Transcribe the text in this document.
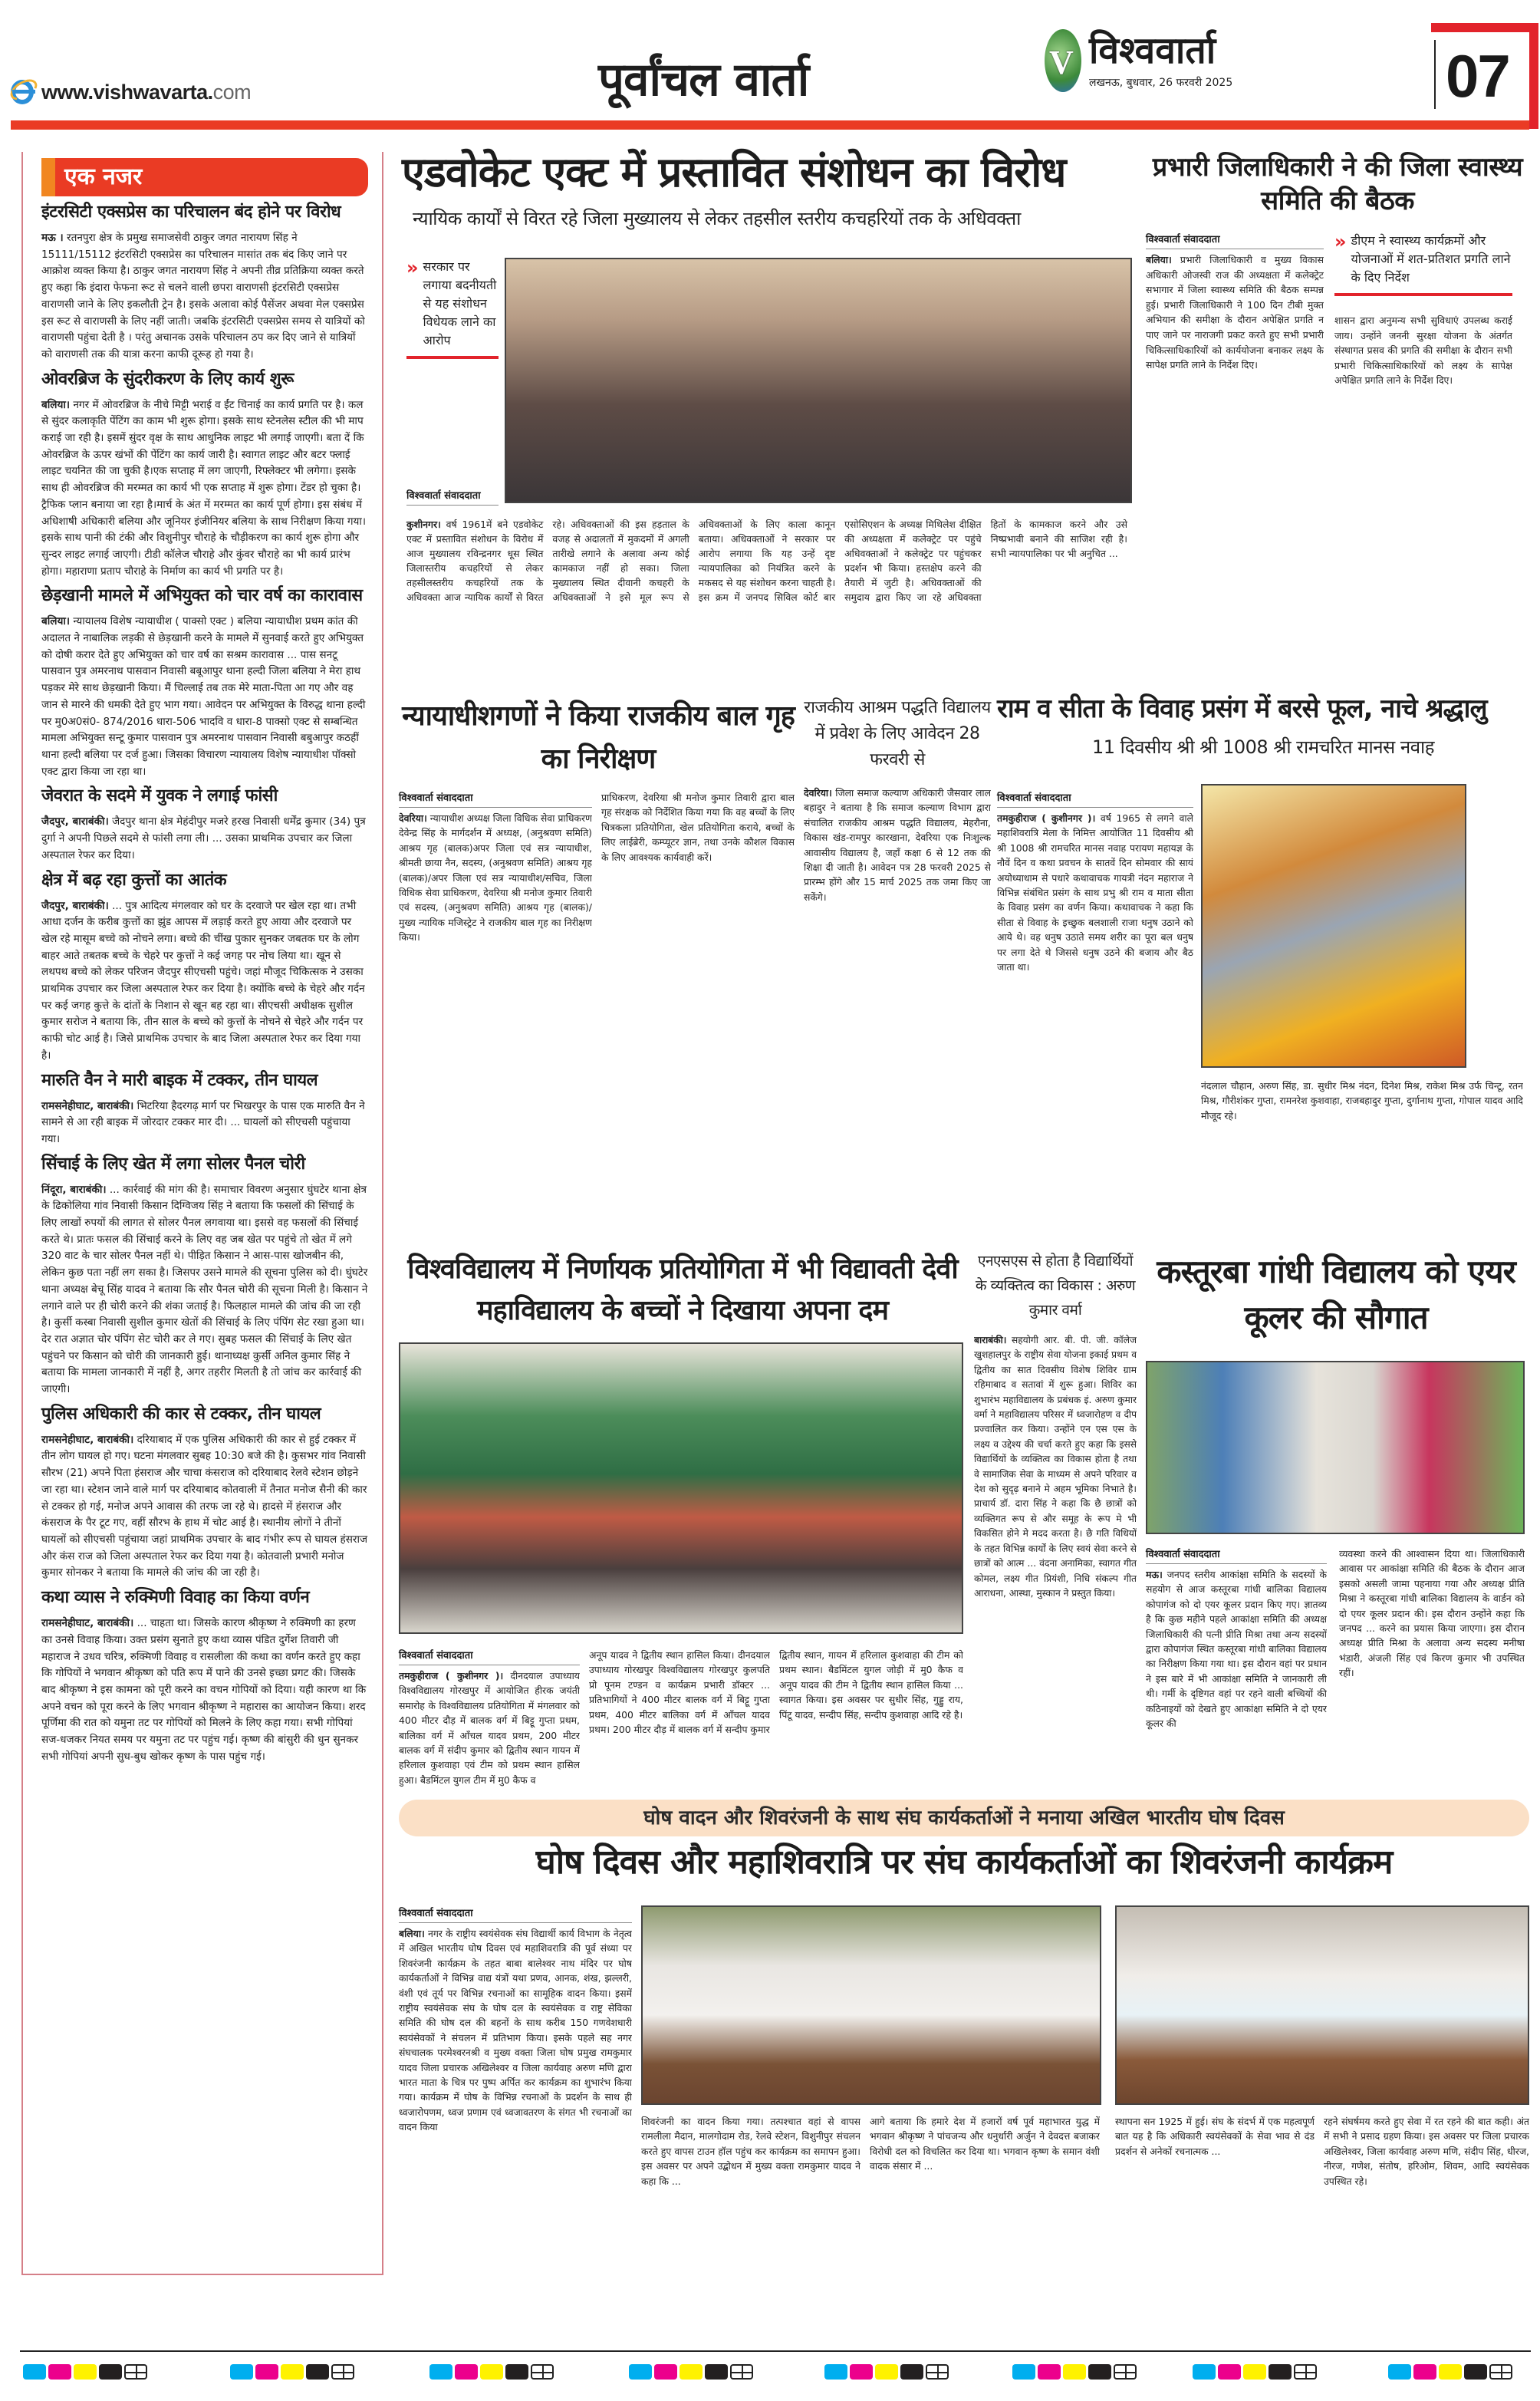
www.vishwavarta.com	पूर्वांचल वार्ता	V विश्ववार्ता
लखनऊ, बुधवार, 26 फरवरी 2025	07
एक नजर
इंटरसिटी एक्सप्रेस का परिचालन बंद होने पर विरोध

मऊ । रतनपुरा क्षेत्र के प्रमुख समाजसेवी ठाकुर जगत नारायण सिंह ने 15111/15112 इंटरसिटी एक्सप्रेस का परिचालन मासांत तक बंद किए जाने पर आक्रोश व्यक्त किया है। ठाकुर जगत नारायण सिंह ने अपनी तीव्र प्रतिक्रिया व्यक्त करते हुए कहा कि इंदारा फेफना रूट से चलने वाली छपरा वाराणसी इंटरसिटी एक्सप्रेस वाराणसी जाने के लिए इकलौती ट्रेन है। इसके अलावा कोई पैसेंजर अथवा मेल एक्सप्रेस इस रूट से वाराणसी के लिए नहीं जाती। जबकि इंटरसिटी एक्सप्रेस समय से यात्रियों को वाराणसी पहुंचा देती है । परंतु अचानक उसके परिचालन ठप कर दिए जाने से यात्रियों को वाराणसी तक की यात्रा करना काफी दूरूह हो गया है।

ओवरब्रिज के सुंदरीकरण के लिए कार्य शुरू

बलिया। नगर में ओवरब्रिज के नीचे मिट्टी भराई व ईंट चिनाई का कार्य प्रगति पर है। कल से सुंदर कलाकृति पेंटिंग का काम भी शुरू होगा। इसके साथ स्टेनलेस स्टील की भी माप कराई जा रही है। इसमें सुंदर वृक्ष के साथ आधुनिक लाइट भी लगाई जाएगी। बता दें कि ओवरब्रिज के ऊपर खंभों की पेंटिंग का कार्य जारी है। स्वागत लाइट और बटर फ्लाई लाइट चयनित की जा चुकी है।एक सप्ताह में लग जाएगी, रिफ्लेक्टर भी लगेगा। इसके साथ ही ओवरब्रिज की मरम्मत का कार्य भी एक सप्ताह में शुरू होगा। टेंडर हो चुका है। ट्रैफिक प्लान बनाया जा रहा है।मार्च के अंत में मरम्मत का कार्य पूर्ण होगा। इस संबंध में अधिशाषी अधिकारी बलिया और जूनियर इंजीनियर बलिया के साथ निरीक्षण किया गया। इसके साथ पानी की टंकी और विशुनीपुर चौराहे के चौड़ीकरण का कार्य शुरू होगा और सुन्दर लाइट लगाई जाएगी। टीडी कॉलेज चौराहे और कुंवर चौराहे का भी कार्य प्रारंभ होगा। महाराणा प्रताप चौराहे के निर्माण का कार्य भी प्रगति पर है।

छेड़खानी मामले में अभियुक्त को चार वर्ष का कारावास

बलिया। न्यायालय विशेष न्यायाधीश ( पाक्सो एक्ट ) बलिया न्यायाधीश प्रथम कांत की अदालत ने नाबालिक लड़की से छेड़खानी करने के मामले में सुनवाई करते हुए अभियुक्त को दोषी करार देते हुए अभियुक्त को चार वर्ष का सश्रम कारावास ... पास सनटू पासवान पुत्र अमरनाथ पासवान निवासी बबूआपुर थाना हल्दी जिला बलिया ने मेरा हाथ पड़कर मेरे साथ छेड़खानी किया। मैं चिल्लाई तब तक मेरे माता-पिता आ गए और वह जान से मारने की धमकी देते हुए भाग गया। आवेदन पर अभियुक्त के विरुद्ध थाना हल्दी पर मु0अ0सं0- 874/2016 धारा-506 भादवि व धारा-8 पाक्सो एक्ट से सम्बन्धित मामला अभियुक्त सन्टू कुमार पासवान पुत्र अमरनाथ पासवान निवासी बबुआपुर कठहीं थाना हल्दी बलिया पर दर्ज हुआ। जिसका विचारण न्यायालय विशेष न्यायाधीश पॉक्सो एक्ट द्वारा किया जा रहा था।

जेवरात के सदमे में युवक ने लगाई फांसी

जैदपुर, बाराबंकी। जैदपुर थाना क्षेत्र मेहंदीपुर मजरे हरख निवासी धर्मेंद्र कुमार (34) पुत्र दुर्गा ने अपनी पिछले सदमे से फांसी लगा ली। ... उसका प्राथमिक उपचार कर जिला अस्पताल रेफर कर दिया।

क्षेत्र में बढ़ रहा कुत्तों का आतंक

जैदपुर, बाराबंकी। ... पुत्र आदित्य मंगलवार को घर के दरवाजे पर खेल रहा था। तभी आधा दर्जन के करीब कुत्तों का झुंड आपस में लड़ाई करते हुए आया और दरवाजे पर खेल रहे मासूम बच्चे को नोचने लगा। बच्चे की चींख पुकार सुनकर जबतक घर के लोग बाहर आते तबतक बच्चे के चेहरे पर कुत्तों ने कई जगह पर नोच लिया था। खून से लथपथ बच्चे को लेकर परिजन जैदपुर सीएचसी पहुंचे। जहां मौजूद चिकित्सक ने उसका प्राथमिक उपचार कर जिला अस्पताल रेफर कर दिया है। क्योंकि बच्चे के चेहरे और गर्दन पर कई जगह कुत्ते के दांतों के निशान से खून बह रहा था। सीएचसी अधीक्षक सुशील कुमार सरोज ने बताया कि, तीन साल के बच्चे को कुत्तों के नोचने से चेहरे और गर्दन पर काफी चोट आई है। जिसे प्राथमिक उपचार के बाद जिला अस्पताल रेफर कर दिया गया है।

मारुति वैन ने मारी बाइक में टक्कर, तीन घायल

रामसनेहीघाट, बाराबंकी। भिटरिया हैदरगढ़ मार्ग पर भिखरपुर के पास एक मारुति वैन ने सामने से आ रही बाइक में जोरदार टक्कर मार दी। ... घायलों को सीएचसी पहुंचाया गया।

सिंचाई के लिए खेत में लगा सोलर पैनल चोरी

निंदूरा, बाराबंकी। ... कार्रवाई की मांग की है। समाचार विवरण अनुसार घुंघटेर थाना क्षेत्र के ढिकोलिया गांव निवासी किसान दिग्विजय सिंह ने बताया कि फसलों की सिंचाई के लिए लाखों रुपयों की लागत से सोलर पैनल लगवाया था। इससे वह फसलों की सिंचाई करते थे। प्रातः फसल की सिंचाई करने के लिए वह जब खेत पर पहुंचे तो खेत में लगे 320 वाट के चार सोलर पैनल नहीं थे। पीड़ित किसान ने आस-पास खोजबीन की, लेकिन कुछ पता नहीं लग सका है। जिसपर उसने मामले की सूचना पुलिस को दी। घुंघटेर थाना अध्यक्ष बेचू सिंह यादव ने बताया कि सौर पैनल चोरी की सूचना मिली है। किसान ने लगाने वाले पर ही चोरी करने की शंका जताई है। फिलहाल मामले की जांच की जा रही है। कुर्सी कस्बा निवासी सुशील कुमार खेतों की सिंचाई के लिए पंपिंग सेट रखा हुआ था। देर रात अज्ञात चोर पंपिंग सेट चोरी कर ले गए। सुबह फसल की सिंचाई के लिए खेत पहुंचने पर किसान को चोरी की जानकारी हुई। थानाध्यक्ष कुर्सी अनिल कुमार सिंह ने बताया कि मामला जानकारी में नहीं है, अगर तहरीर मिलती है तो जांच कर कार्रवाई की जाएगी।

पुलिस अधिकारी की कार से टक्कर, तीन घायल

रामसनेहीघाट, बाराबंकी। दरियाबाद में एक पुलिस अधिकारी की कार से हुई टक्कर में तीन लोग घायल हो गए। घटना मंगलवार सुबह 10:30 बजे की है। कुसभर गांव निवासी सौरभ (21) अपने पिता हंसराज और चाचा कंसराज को दरियाबाद रेलवे स्टेशन छोड़ने जा रहा था। स्टेशन जाने वाले मार्ग पर दरियाबाद कोतवाली में तैनात मनोज सैनी की कार से टक्कर हो गई, मनोज अपने आवास की तरफ जा रहे थे। हादसे में हंसराज और कंसराज के पैर टूट गए, वहीं सौरभ के हाथ में चोट आई है। स्थानीय लोगों ने तीनों घायलों को सीएचसी पहुंचाया जहां प्राथमिक उपचार के बाद गंभीर रूप से घायल हंसराज और कंस राज को जिला अस्पताल रेफर कर दिया गया है। कोतवाली प्रभारी मनोज कुमार सोनकर ने बताया कि मामले की जांच की जा रही है।

कथा व्यास ने रुक्मिणी विवाह का किया वर्णन

रामसनेहीघाट, बाराबंकी। ... चाहता था। जिसके कारण श्रीकृष्ण ने रुक्मिणी का हरण का उनसे विवाह किया। उक्त प्रसंग सुनाते हुए कथा व्यास पंडित दुर्गेश तिवारी जी महाराज ने उधव चरित्र, रुक्मिणी विवाह व रासलीला की कथा का वर्णन करते हुए कहा कि गोपियों ने भगवान श्रीकृष्ण को पति रूप में पाने की उनसे इच्छा प्रगट की। जिसके बाद श्रीकृष्ण ने इस कामना को पूरी करने का वचन गोपियों को दिया। यही कारण था कि अपने वचन को पूरा करने के लिए भगवान श्रीकृष्ण ने महारास का आयोजन किया। शरद पूर्णिमा की रात को यमुना तट पर गोपियों को मिलने के लिए कहा गया। सभी गोपियां सज-धजकर नियत समय पर यमुना तट पर पहुंच गई। कृष्ण की बांसुरी की धुन सुनकर सभी गोपियां अपनी सुध-बुध खोकर कृष्ण के पास पहुंच गई।

एडवोकेट एक्ट में प्रस्तावित संशोधन का विरोध
न्यायिक कार्यों से विरत रहे जिला मुख्यालय से लेकर तहसील स्तरीय कचहरियों तक के अधिवक्ता
» सरकार पर लगाया बदनीयती से यह संशोधन विधेयक लाने का आरोप
विश्ववार्ता संवाददाता

कुशीनगर। वर्ष 1961में बने एडवोकेट एक्ट में प्रस्तावित संशोधन के विरोध में आज मुख्यालय रविन्द्रनगर धूस स्थित जिलास्तरीय कचहरियों से लेकर तहसीलस्तरीय कचहरियों तक के अधिवक्ता आज न्यायिक कार्यों से विरत रहे। अधिवक्ताओं की इस हड़ताल के वजह से अदालतों में मुकदमों में अगली तारीखे लगाने के अलावा अन्य कोई कामकाज नहीं हो सका। जिला मुख्यालय स्थित दीवानी कचहरी के अधिवक्ताओं ने इसे मूल रूप से अधिवक्ताओं के लिए काला कानून बताया। अधिवक्ताओं ने सरकार पर आरोप लगाया कि यह उन्हें दृष्ट न्यायपालिका को नियंत्रित करने के मकसद से यह संशोधन करना चाहती है। इस क्रम में जनपद सिविल कोर्ट बार एसोसिएशन के अध्यक्ष मिथिलेश दीक्षित की अध्यक्षता में कलेक्ट्रेट पर पहुंचे अधिवक्ताओं ने कलेक्ट्रेट पर पहुंचकर प्रदर्शन भी किया। हस्तक्षेप करने की तैयारी में जुटी है। अधिवक्ताओं की समुदाय द्वारा किए जा रहे अधिवक्ता हितों के कामकाज करने और उसे निष्प्रभावी बनाने की साजिश रही है। सभी न्यायपालिका पर भी अनुचित ...

प्रभारी जिलाधिकारी ने की जिला स्वास्थ्य समिति की बैठक
विश्ववार्ता संवाददाता

बलिया। प्रभारी जिलाधिकारी व मुख्य विकास अधिकारी ओजस्वी राज की अध्यक्षता में कलेक्ट्रेट सभागार में जिला स्वास्थ्य समिति की बैठक सम्पन्न हुई। प्रभारी जिलाधिकारी ने 100 दिन टीबी मुक्त अभियान की समीक्षा के दौरान अपेक्षित प्रगति न पाए जाने पर नाराजगी प्रकट करते हुए सभी प्रभारी चिकित्साधिकारियों को कार्ययोजना बनाकर लक्ष्य के सापेक्ष प्रगति लाने के निर्देश दिए।

» डीएम ने स्वास्थ्य कार्यक्रमों और योजनाओं में शत-प्रतिशत प्रगति लाने के दिए निर्देश

शासन द्वारा अनुमन्य सभी सुविधाएं उपलब्ध कराई जाय। उन्होंने जननी सुरक्षा योजना के अंतर्गत संस्थागत प्रसव की प्रगति की समीक्षा के दौरान सभी प्रभारी चिकित्साधिकारियों को लक्ष्य के सापेक्ष अपेक्षित प्रगति लाने के निर्देश दिए।

न्यायाधीशगणों ने किया राजकीय बाल गृह का निरीक्षण
विश्ववार्ता संवाददाता

देवरिया। न्यायाधीश अध्यक्ष जिला विधिक सेवा प्राधिकरण देवेन्द्र सिंह के मार्गदर्शन में अध्यक्ष, (अनुश्रवण समिति) आश्रय गृह (बालक)अपर जिला एवं सत्र न्यायाधीश, श्रीमती छाया नैन, सदस्य, (अनुश्रवण समिति) आश्रय गृह (बालक)/अपर जिला एवं सत्र न्यायाधीश/सचिव, जिला विधिक सेवा प्राधिकरण, देवरिया श्री मनोज कुमार तिवारी एवं सदस्य, (अनुश्रवण समिति) आश्रय गृह (बालक)/मुख्य न्यायिक मजिस्ट्रेट ने राजकीय बाल गृह का निरीक्षण किया।

प्राधिकरण, देवरिया श्री मनोज कुमार तिवारी द्वारा बाल गृह संरक्षक को निर्देशित किया गया कि वह बच्चों के लिए चित्रकला प्रतियोगिता, खेल प्रतियोगिता कराये, बच्चों के लिए लाईब्रेरी, कम्प्यूटर ज्ञान, तथा उनके कौशल विकास के लिए आवश्यक कार्यवाही करें।

राजकीय आश्रम पद्धति विद्यालय में प्रवेश के लिए आवेदन 28 फरवरी से

देवरिया। जिला समाज कल्याण अधिकारी जैसवार लाल बहादुर ने बताया है कि समाज कल्याण विभाग द्वारा संचालित राजकीय आश्रम पद्धति विद्यालय, मेहरौना, विकास खंड-रामपुर कारखाना, देवरिया एक निःशुल्क आवासीय विद्यालय है, जहाँ कक्षा 6 से 12 तक की शिक्षा दी जाती है। आवेदन पत्र 28 फरवरी 2025 से प्रारम्भ होंगे और 15 मार्च 2025 तक जमा किए जा सकेंगे।

राम व सीता के विवाह प्रसंग में बरसे फूल, नाचे श्रद्धालु
11 दिवसीय श्री श्री 1008 श्री रामचरित मानस नवाह
विश्ववार्ता संवाददाता

तमकुहीराज ( कुशीनगर )। वर्ष 1965 से लगने वाले महाशिवरात्रि मेला के निमित्त आयोजित 11 दिवसीय श्री श्री 1008 श्री रामचरित मानस नवाह परायण महायज्ञ के नौवें दिन व कथा प्रवचन के सातवें दिन सोमवार की सायं अयोध्याधाम से पधारे कथावाचक गायत्री नंदन महाराज ने विभिन्न संबंधित प्रसंग के साथ प्रभु श्री राम व माता सीता के विवाह प्रसंग का वर्णन किया। कथावाचक ने कहा कि सीता से विवाह के इच्छुक बलशाली राजा धनुष उठाने को आये थे। वह धनुष उठाते समय शरीर का पूरा बल धनुष पर लगा देते थे जिससे धनुष उठने की बजाय और बैठ जाता था।

नंदलाल चौहान, अरुण सिंह, डा. सुधीर मिश्र नंदन, दिनेश मिश्र, राकेश मिश्र उर्फ चिन्टू, रतन मिश्र, गौरीशंकर गुप्ता, रामनरेश कुशवाहा, राजबहादुर गुप्ता, दुर्गानाथ गुप्ता, गोपाल यादव आदि मौजूद रहे।

विश्वविद्यालय में निर्णायक प्रतियोगिता में भी विद्यावती देवी महाविद्यालय के बच्चों ने दिखाया अपना दम
विश्ववार्ता संवाददाता

तमकुहीराज ( कुशीनगर )। दीनदयाल उपाध्याय विश्वविद्यालय गोरखपुर में आयोजित हीरक जयंती समारोह के विश्वविद्यालय प्रतियोगिता में मंगलवार को 400 मीटर दौड़ में बालक वर्ग में बिट्टू गुप्ता प्रथम, बालिका वर्ग में आँचल यादव प्रथम, 200 मीटर बालक वर्ग में संदीप कुमार को द्वितीय स्थान गायन में हरिलाल कुशवाहा एवं टीम को प्रथम स्थान हासिल हुआ। बैडमिंटल युगल टीम में मु0 कैफ व

अनूप यादव ने द्वितीय स्थान हासिल किया। दीनदयाल उपाध्याय गोरखपुर विश्वविद्यालय गोरखपुर कुलपति प्रो पूनम टण्डन व कार्यक्रम प्रभारी डॉक्टर ... प्रतिभागियों ने 400 मीटर बालक वर्ग में बिट्टू गुप्ता प्रथम, 400 मीटर बालिका वर्ग में आँचल यादव प्रथम। 200 मीटर दौड़ में बालक वर्ग में सन्दीप कुमार

द्वितीय स्थान, गायन में हरिलाल कुशवाहा की टीम को प्रथम स्थान। बैडमिंटल युगल जोड़ी में मु0 कैफ व अनूप यादव की टीम ने द्वितीय स्थान हासिल किया ... स्वागत किया। इस अवसर पर सुधीर सिंह, गुड्डु राय, पिंटू यादव, सन्दीप सिंह, सन्दीप कुशवाहा आदि रहे है।

एनएसएस से होता है विद्यार्थियों के व्यक्तित्व का विकास : अरुण कुमार वर्मा

बाराबंकी। सहयोगी आर. बी. पी. जी. कॉलेज खुशहालपुर के राष्ट्रीय सेवा योजना इकाई प्रथम व द्वितीय का सात दिवसीय विशेष शिविर ग्राम रहिमाबाद व सतावां में शुरू हुआ। शिविर का शुभारंभ महाविद्यालय के प्रबंधक इं. अरुण कुमार वर्मा ने महाविद्यालय परिसर में ध्वजारोहण व दीप प्रज्वालित कर किया। उन्होंने एन एस एस के लक्ष्य व उद्देश्य की चर्चा करते हुए कहा कि इससे विद्यार्थियों के व्यक्तित्व का विकास होता है तथा वे सामाजिक सेवा के माध्यम से अपने परिवार व देश को सुदृढ़ बनाने मे अहम भूमिका निभाते है। प्राचार्य डॉ. दारा सिंह ने कहा कि छै छात्रों को व्यक्तिगत रूप से और समूह के रूप मे भी विकसित होने मे मदद करता है। छै गति विधियों के तहत विभिन्न कार्यों के लिए स्वयं सेवा करने से छात्रों को आत्म ... वंदना अनामिका, स्वागत गीत कोमल, लक्ष्य गीत प्रियंशी, निधि संकल्प गीत आराधना, आस्था, मुस्कान ने प्रस्तुत किया।

कस्तूरबा गांधी विद्यालय को एयर कूलर की सौगात
विश्ववार्ता संवाददाता

मऊ। जनपद स्तरीय आकांक्षा समिति के सदस्यों के सहयोग से आज कस्तूरबा गांधी बालिका विद्यालय कोपागंज को दो एयर कूलर प्रदान किए गए। ज्ञातव्य है कि कुछ महीने पहले आकांक्षा समिति की अध्यक्ष जिलाधिकारी की पत्नी प्रीति मिश्रा तथा अन्य सदस्यों द्वारा कोपागंज स्थित कस्तूरबा गांधी बालिका विद्यालय का निरीक्षण किया गया था। इस दौरान वहां पर प्रधान ने इस बारे में भी आकांक्षा समिति ने जानकारी ली थी। गर्मी के दृष्टिगत वहां पर रहने वाली बच्चियों की कठिनाइयों को देखते हुए आकांक्षा समिति ने दो एयर कूलर की

व्यवस्था करने की आश्वासन दिया था। जिलाधिकारी आवास पर आकांक्षा समिति की बैठक के दौरान आज इसको असली जामा पहनाया गया और अध्यक्ष प्रीति मिश्रा ने कस्तूरबा गांधी बालिका विद्यालय के वार्डन को दो एयर कूलर प्रदान की। इस दौरान उन्होंने कहा कि जनपद ... करने का प्रयास किया जाएगा। इस दौरान अध्यक्ष प्रीति मिश्रा के अलावा अन्य सदस्य मनीषा भंडारी, अंजली सिंह एवं किरण कुमार भी उपस्थित रहीं।

घोष वादन और शिवरंजनी के साथ संघ कार्यकर्ताओं ने मनाया अखिल भारतीय घोष दिवस
घोष दिवस और महाशिवरात्रि पर संघ कार्यकर्ताओं का शिवरंजनी कार्यक्रम
विश्ववार्ता संवाददाता

बलिया। नगर के राष्ट्रीय स्वयंसेवक संघ विद्यार्थी कार्य विभाग के नेतृत्व में अखिल भारतीय घोष दिवस एवं महाशिवरात्रि की पूर्व संध्या पर शिवरंजनी कार्यक्रम के तहत बाबा बालेश्वर नाथ मंदिर पर घोष कार्यकर्ताओं ने विभिन्न वाद्य यंत्रों यथा प्रणव, आनक, शंख, झल्लरी, वंशी एवं तूर्य पर विभिन्न रचनाओं का सामूहिक वादन किया। इसमें राष्ट्रीय स्वयंसेवक संघ के घोष दल के स्वयंसेवक व राष्ट्र सेविका समिति की घोष दल की बहनों के साथ करीब 150 गणवेशधारी स्वयंसेवकों ने संचलन में प्रतिभाग किया। इसके पहले सह नगर संघचालक परमेश्वरनश्री व मुख्य वक्ता जिला घोष प्रमुख रामकुमार यादव जिला प्रचारक अखिलेश्वर व जिला कार्यवाह अरुण मणि द्वारा भारत माता के चित्र पर पुष्प अर्पित कर कार्यक्रम का शुभारंभ किया गया। कार्यक्रम में घोष के विभिन्न रचनाओं के प्रदर्शन के साथ ही ध्वजारोपणम, ध्वज प्रणाम एवं ध्वजावतरण के संगत भी रचनाओं का वादन किया	शिवरंजनी का वादन किया गया। तत्पश्चात वहां से वापस रामलीला मैदान, मालगोदाम रोड, रेलवे स्टेशन, विशुनीपुर संचलन करते हुए वापस टाउन हॉल पहुंच कर कार्यक्रम का समापन हुआ। इस अवसर पर अपने उद्बोधन में मुख्य वक्ता रामकुमार यादव ने कहा कि ...

आगे बताया कि हमारे देश में हजारों वर्ष पूर्व महाभारत युद्ध में भगवान श्रीकृष्ण ने पांचजन्य और धनुर्धारी अर्जुन ने देवदत्त बजाकर विरोधी दल को विचलित कर दिया था। भगवान कृष्ण के समान वंशी वादक संसार में ...

स्थापना सन 1925 में हुई। संघ के संदर्भ में एक महत्वपूर्ण बात यह है कि अधिकारी स्वयंसेवकों के सेवा भाव से दंड प्रदर्शन से अनेकों रचनात्मक ...

रहने संघर्षमय करते हुए सेवा में रत रहने की बात कही। अंत में सभी ने प्रसाद ग्रहण किया। इस अवसर पर जिला प्रचारक अखिलेश्वर, जिला कार्यवाह अरुण मणि, संदीप सिंह, धीरज, नीरज, गणेश, संतोष, हरिओम, शिवम, आदि स्वयंसेवक उपस्थित रहे।
